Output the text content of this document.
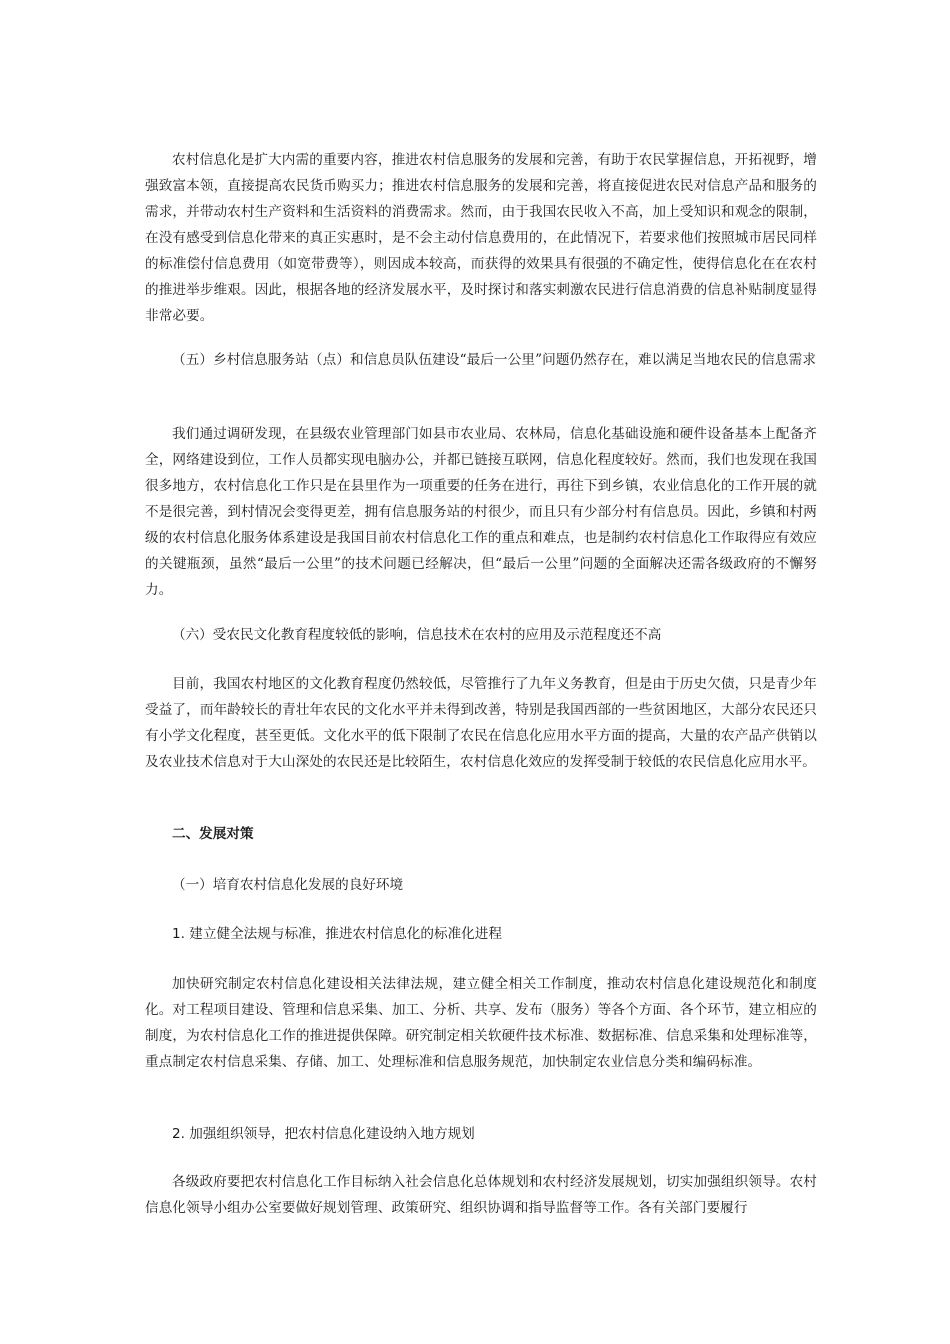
农村信息化是扩大内需的重要内容，推进农村信息服务的发展和完善，有助于农民掌握信息，开拓视野，增强致富本领，直接提高农民货币购买力；推进农村信息服务的发展和完善，将直接促进农民对信息产品和服务的需求，并带动农村生产资料和生活资料的消费需求。然而，由于我国农民收入不高，加上受知识和观念的限制，在没有感受到信息化带来的真正实惠时，是不会主动付信息费用的，在此情况下，若要求他们按照城市居民同样的标准偿付信息费用（如宽带费等），则因成本较高，而获得的效果具有很强的不确定性，使得信息化在在农村的推进举步维艰。因此，根据各地的经济发展水平，及时探讨和落实刺激农民进行信息消费的信息补贴制度显得非常必要。

（五）乡村信息服务站（点）和信息员队伍建设“最后一公里”问题仍然存在，难以满足当地农民的信息需求

我们通过调研发现，在县级农业管理部门如县市农业局、农林局，信息化基础设施和硬件设备基本上配备齐全，网络建设到位，工作人员都实现电脑办公，并都已链接互联网，信息化程度较好。然而，我们也发现在我国很多地方，农村信息化工作只是在县里作为一项重要的任务在进行，再往下到乡镇，农业信息化的工作开展的就不是很完善，到村情况会变得更差，拥有信息服务站的村很少，而且只有少部分村有信息员。因此，乡镇和村两级的农村信息化服务体系建设是我国目前农村信息化工作的重点和难点，也是制约农村信息化工作取得应有效应的关键瓶颈，虽然“最后一公里”的技术问题已经解决，但“最后一公里”问题的全面解决还需各级政府的不懈努力。

（六）受农民文化教育程度较低的影响，信息技术在农村的应用及示范程度还不高

目前，我国农村地区的文化教育程度仍然较低，尽管推行了九年义务教育，但是由于历史欠债，只是青少年受益了，而年龄较长的青壮年农民的文化水平并未得到改善，特别是我国西部的一些贫困地区，大部分农民还只有小学文化程度，甚至更低。文化水平的低下限制了农民在信息化应用水平方面的提高，大量的农产品产供销以及农业技术信息对于大山深处的农民还是比较陌生，农村信息化效应的发挥受制于较低的农民信息化应用水平。

二、发展对策

（一）培育农村信息化发展的良好环境

1. 建立健全法规与标准，推进农村信息化的标准化进程

加快研究制定农村信息化建设相关法律法规，建立健全相关工作制度，推动农村信息化建设规范化和制度化。对工程项目建设、管理和信息采集、加工、分析、共享、发布（服务）等各个方面、各个环节，建立相应的制度，为农村信息化工作的推进提供保障。研究制定相关软硬件技术标准、数据标准、信息采集和处理标准等，重点制定农村信息采集、存储、加工、处理标准和信息服务规范，加快制定农业信息分类和编码标准。

2. 加强组织领导，把农村信息化建设纳入地方规划

各级政府要把农村信息化工作目标纳入社会信息化总体规划和农村经济发展规划，切实加强组织领导。农村信息化领导小组办公室要做好规划管理、政策研究、组织协调和指导监督等工作。各有关部门要履行
